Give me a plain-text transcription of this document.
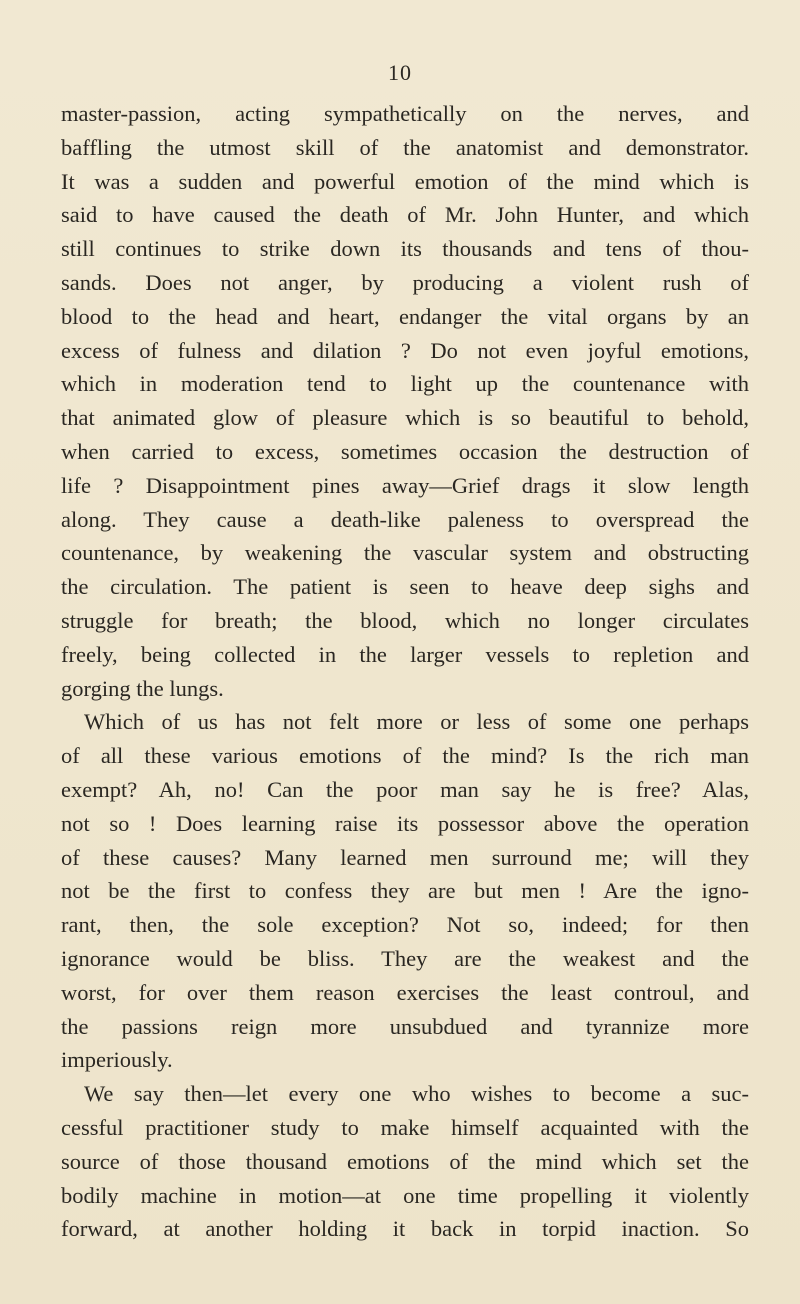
10
master-passion, acting sympathetically on the nerves, and
baffling the utmost skill of the anatomist and demonstrator.
It was a sudden and powerful emotion of the mind which is
said to have caused the death of Mr. John Hunter, and which
still continues to strike down its thousands and tens of thou-
sands. Does not anger, by producing a violent rush of
blood to the head and heart, endanger the vital organs by an
excess of fulness and dilation ? Do not even joyful emotions,
which in moderation tend to light up the countenance with
that animated glow of pleasure which is so beautiful to behold,
when carried to excess, sometimes occasion the destruction of
life ? Disappointment pines away—Grief drags it slow length
along. They cause a death-like paleness to overspread the
countenance, by weakening the vascular system and obstructing
the circulation. The patient is seen to heave deep sighs and
struggle for breath; the blood, which no longer circulates
freely, being collected in the larger vessels to repletion and
gorging the lungs.
Which of us has not felt more or less of some one perhaps
of all these various emotions of the mind? Is the rich man
exempt? Ah, no! Can the poor man say he is free? Alas,
not so ! Does learning raise its possessor above the operation
of these causes? Many learned men surround me; will they
not be the first to confess they are but men ! Are the igno-
rant, then, the sole exception? Not so, indeed; for then
ignorance would be bliss. They are the weakest and the
worst, for over them reason exercises the least controul, and
the passions reign more unsubdued and tyrannize more
imperiously.
We say then—let every one who wishes to become a suc-
cessful practitioner study to make himself acquainted with the
source of those thousand emotions of the mind which set the
bodily machine in motion—at one time propelling it violently
forward, at another holding it back in torpid inaction. So
